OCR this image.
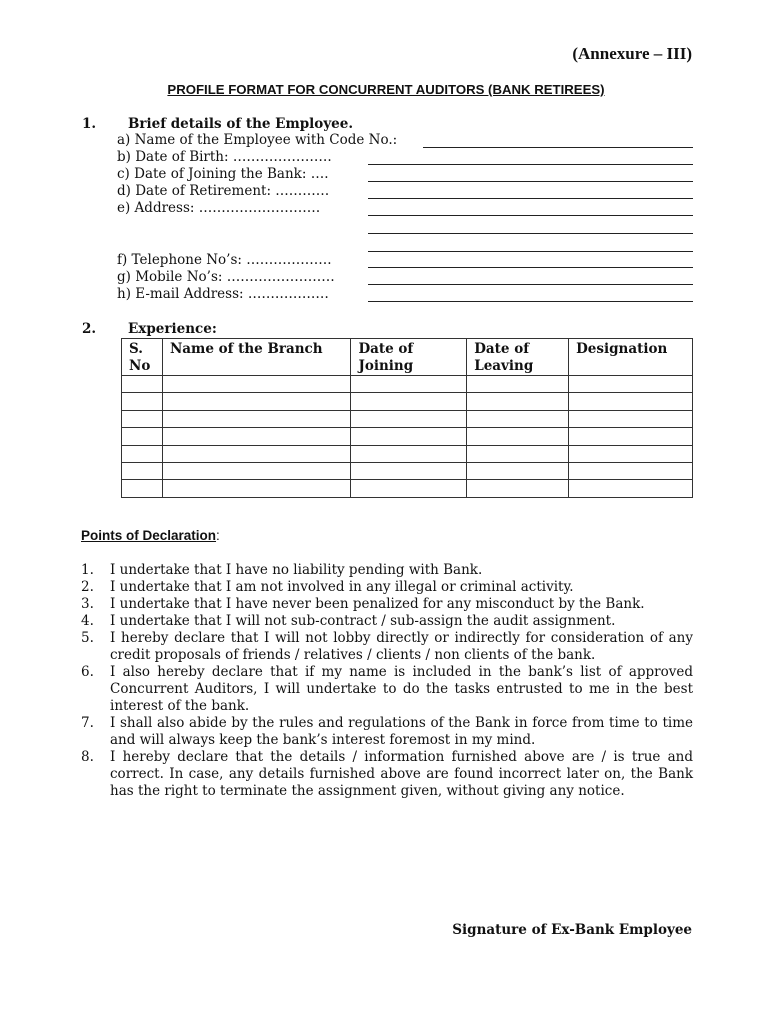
(Annexure – III)
PROFILE FORMAT FOR CONCURRENT AUDITORS (BANK RETIREES)
1. Brief details of the Employee.
a) Name of the Employee with Code No.:
b) Date of Birth: ………………….
c) Date of Joining the Bank: ….
d) Date of Retirement: …………
e) Address: ………………………
f) Telephone No’s: ……………….
g) Mobile No’s: ……………………
h) E-mail Address: ………………
2. Experience:
S. No	Name of the Branch	Date of Joining	Date of Leaving	Designation

Points of Declaration:
1. I undertake that I have no liability pending with Bank.
2. I undertake that I am not involved in any illegal or criminal activity.
3. I undertake that I have never been penalized for any misconduct by the Bank.
4. I undertake that I will not sub-contract / sub-assign the audit assignment.
5. I hereby declare that I will not lobby directly or indirectly for consideration of any credit proposals of friends / relatives / clients / non clients of the bank.
6. I also hereby declare that if my name is included in the bank’s list of approved Concurrent Auditors, I will undertake to do the tasks entrusted to me in the best interest of the bank.
7. I shall also abide by the rules and regulations of the Bank in force from time to time and will always keep the bank’s interest foremost in my mind.
8. I hereby declare that the details / information furnished above are / is true and correct. In case, any details furnished above are found incorrect later on, the Bank has the right to terminate the assignment given, without giving any notice.
Signature of Ex-Bank Employee
